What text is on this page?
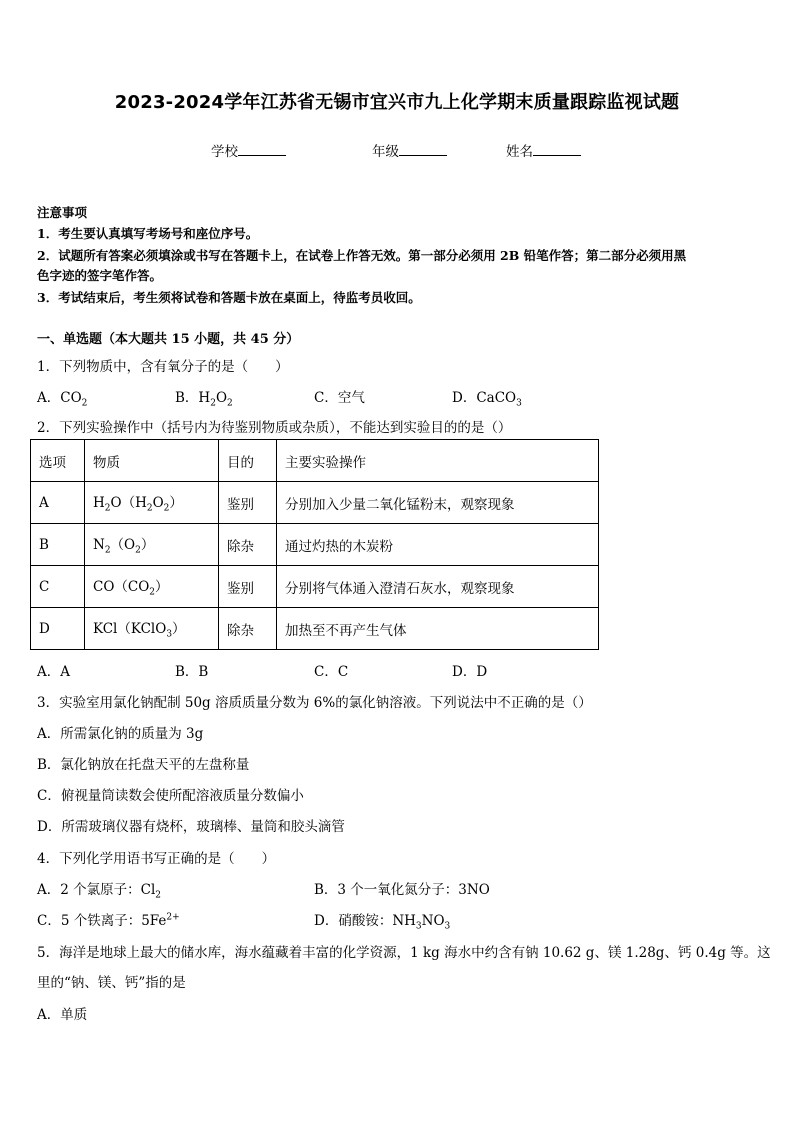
2023-2024学年江苏省无锡市宜兴市九上化学期末质量跟踪监视试题
学校	年级	姓名
注意事项
1．考生要认真填写考场号和座位序号。
2．试题所有答案必须填涂或书写在答题卡上，在试卷上作答无效。第一部分必须用 2B 铅笔作答；第二部分必须用黑
色字迹的签字笔作答。
3．考试结束后，考生须将试卷和答题卡放在桌面上，待监考员收回。
一、单选题（本大题共 15 小题，共 45 分）
1．下列物质中，含有氧分子的是（　　）
A．$CO_2$	B．$H_2O_2$	C．空气	D．CaCO$_3$
2．下列实验操作中（括号内为待鉴别物质或杂质），不能达到实验目的的是（）
选项	物质	目的	主要实验操作
A	$H_2O(H_2O_2)$	鉴别	分别加入少量二氧化锰粉末，观察现象
B	$N_2(O_2)$	除杂	通过灼热的木炭粉
C	$CO(CO_2)$	鉴别	分别将气体通入澄清石灰水，观察现象
D	KCl（KClO$_3$）	除杂	加热至不再产生气体
A．A	B．B	C．C	D．D
3．实验室用氯化钠配制 50g 溶质质量分数为 6%的氯化钠溶液。下列说法中不正确的是（）
A．所需氯化钠的质量为 3g
B．氯化钠放在托盘天平的左盘称量
C．俯视量筒读数会使所配溶液质量分数偏小
D．所需玻璃仪器有烧杯，玻璃棒、量筒和胶头滴管
4．下列化学用语书写正确的是（　　）
A．2 个氯原子：$Cl_2$	B．3 个一氧化氮分子：3NO
C．5 个铁离子：$5Fe^{2+}$	D．硝酸铵：$NH_3NO_3$
5．海洋是地球上最大的储水库，海水蕴藏着丰富的化学资源，1 kg 海水中约含有钠 10.62 g、镁 1.28g、钙 0.4g 等。这
里的“钠、镁、钙”指的是
A．单质
